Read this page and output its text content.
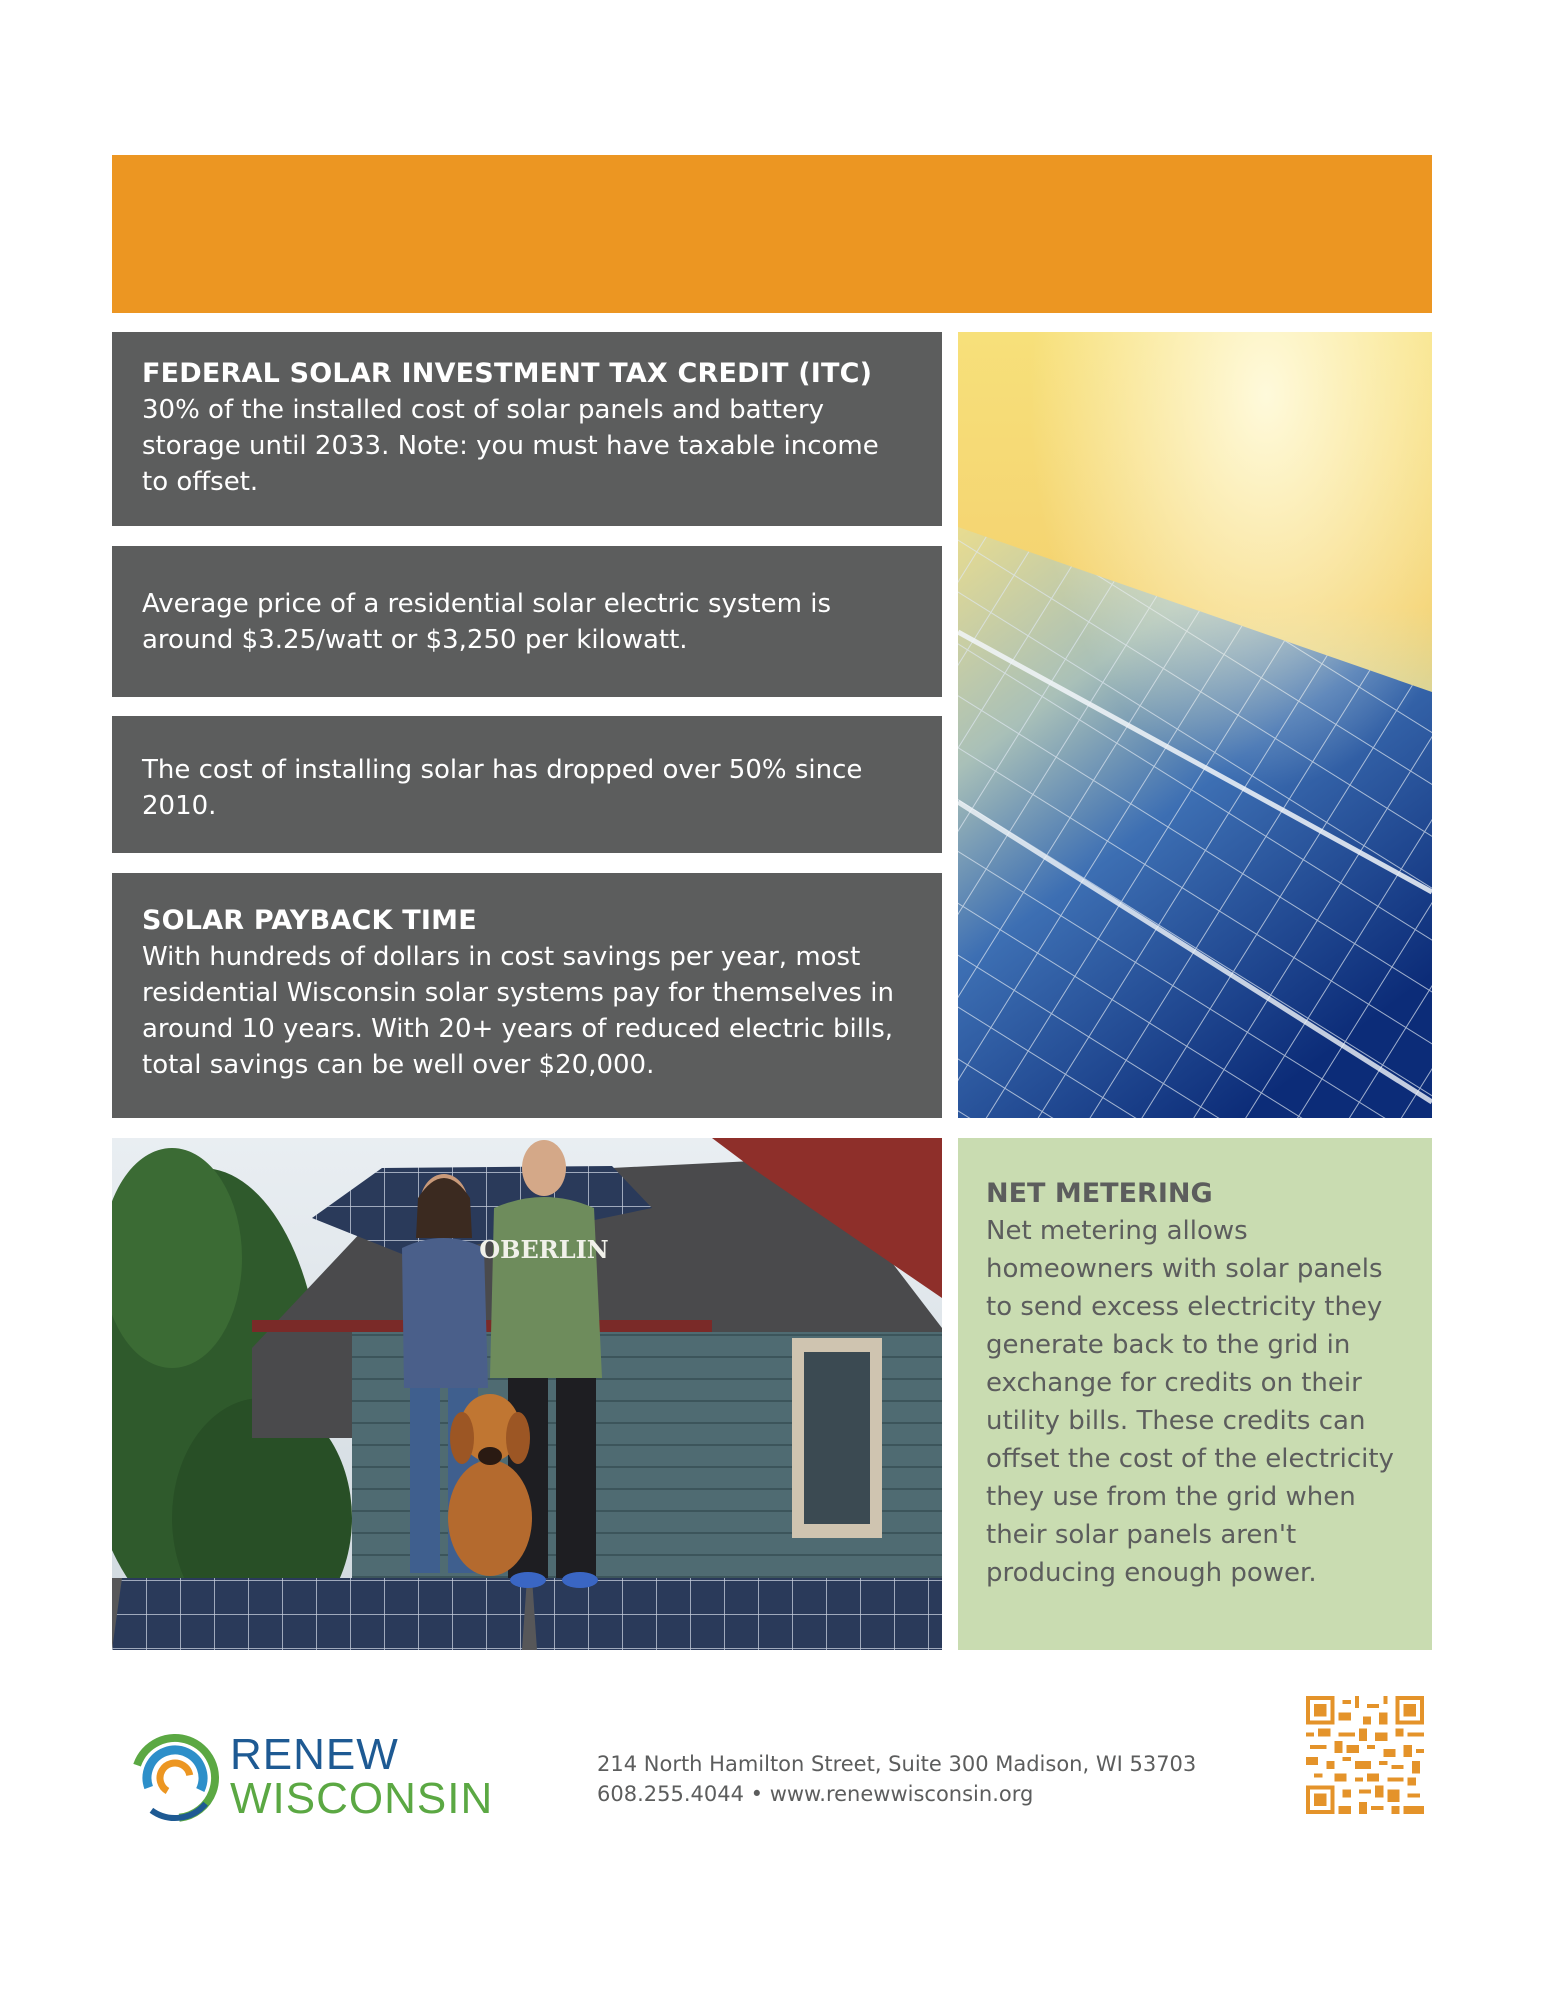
FEDERAL SOLAR INVESTMENT TAX CREDIT (ITC)

30% of the installed cost of solar panels and battery storage until 2033. Note: you must have taxable income to offset.

Average price of a residential solar electric system is around $3.25/watt or $3,250 per kilowatt.

The cost of installing solar has dropped over 50% since 2010.

SOLAR PAYBACK TIME

With hundreds of dollars in cost savings per year, most residential Wisconsin solar systems pay for themselves in around 10 years. With 20+ years of reduced electric bills, total savings can be well over $20,000.

OBERLIN
NET METERING

Net metering allows homeowners with solar panels to send excess electricity they generate back to the grid in exchange for credits on their utility bills. These credits can offset the cost of the electricity they use from the grid when their solar panels aren't producing enough power.

RENEW
WISCONSIN
214 North Hamilton Street, Suite 300 Madison, WI 53703
608.255.4044 • www.renewwisconsin.org
